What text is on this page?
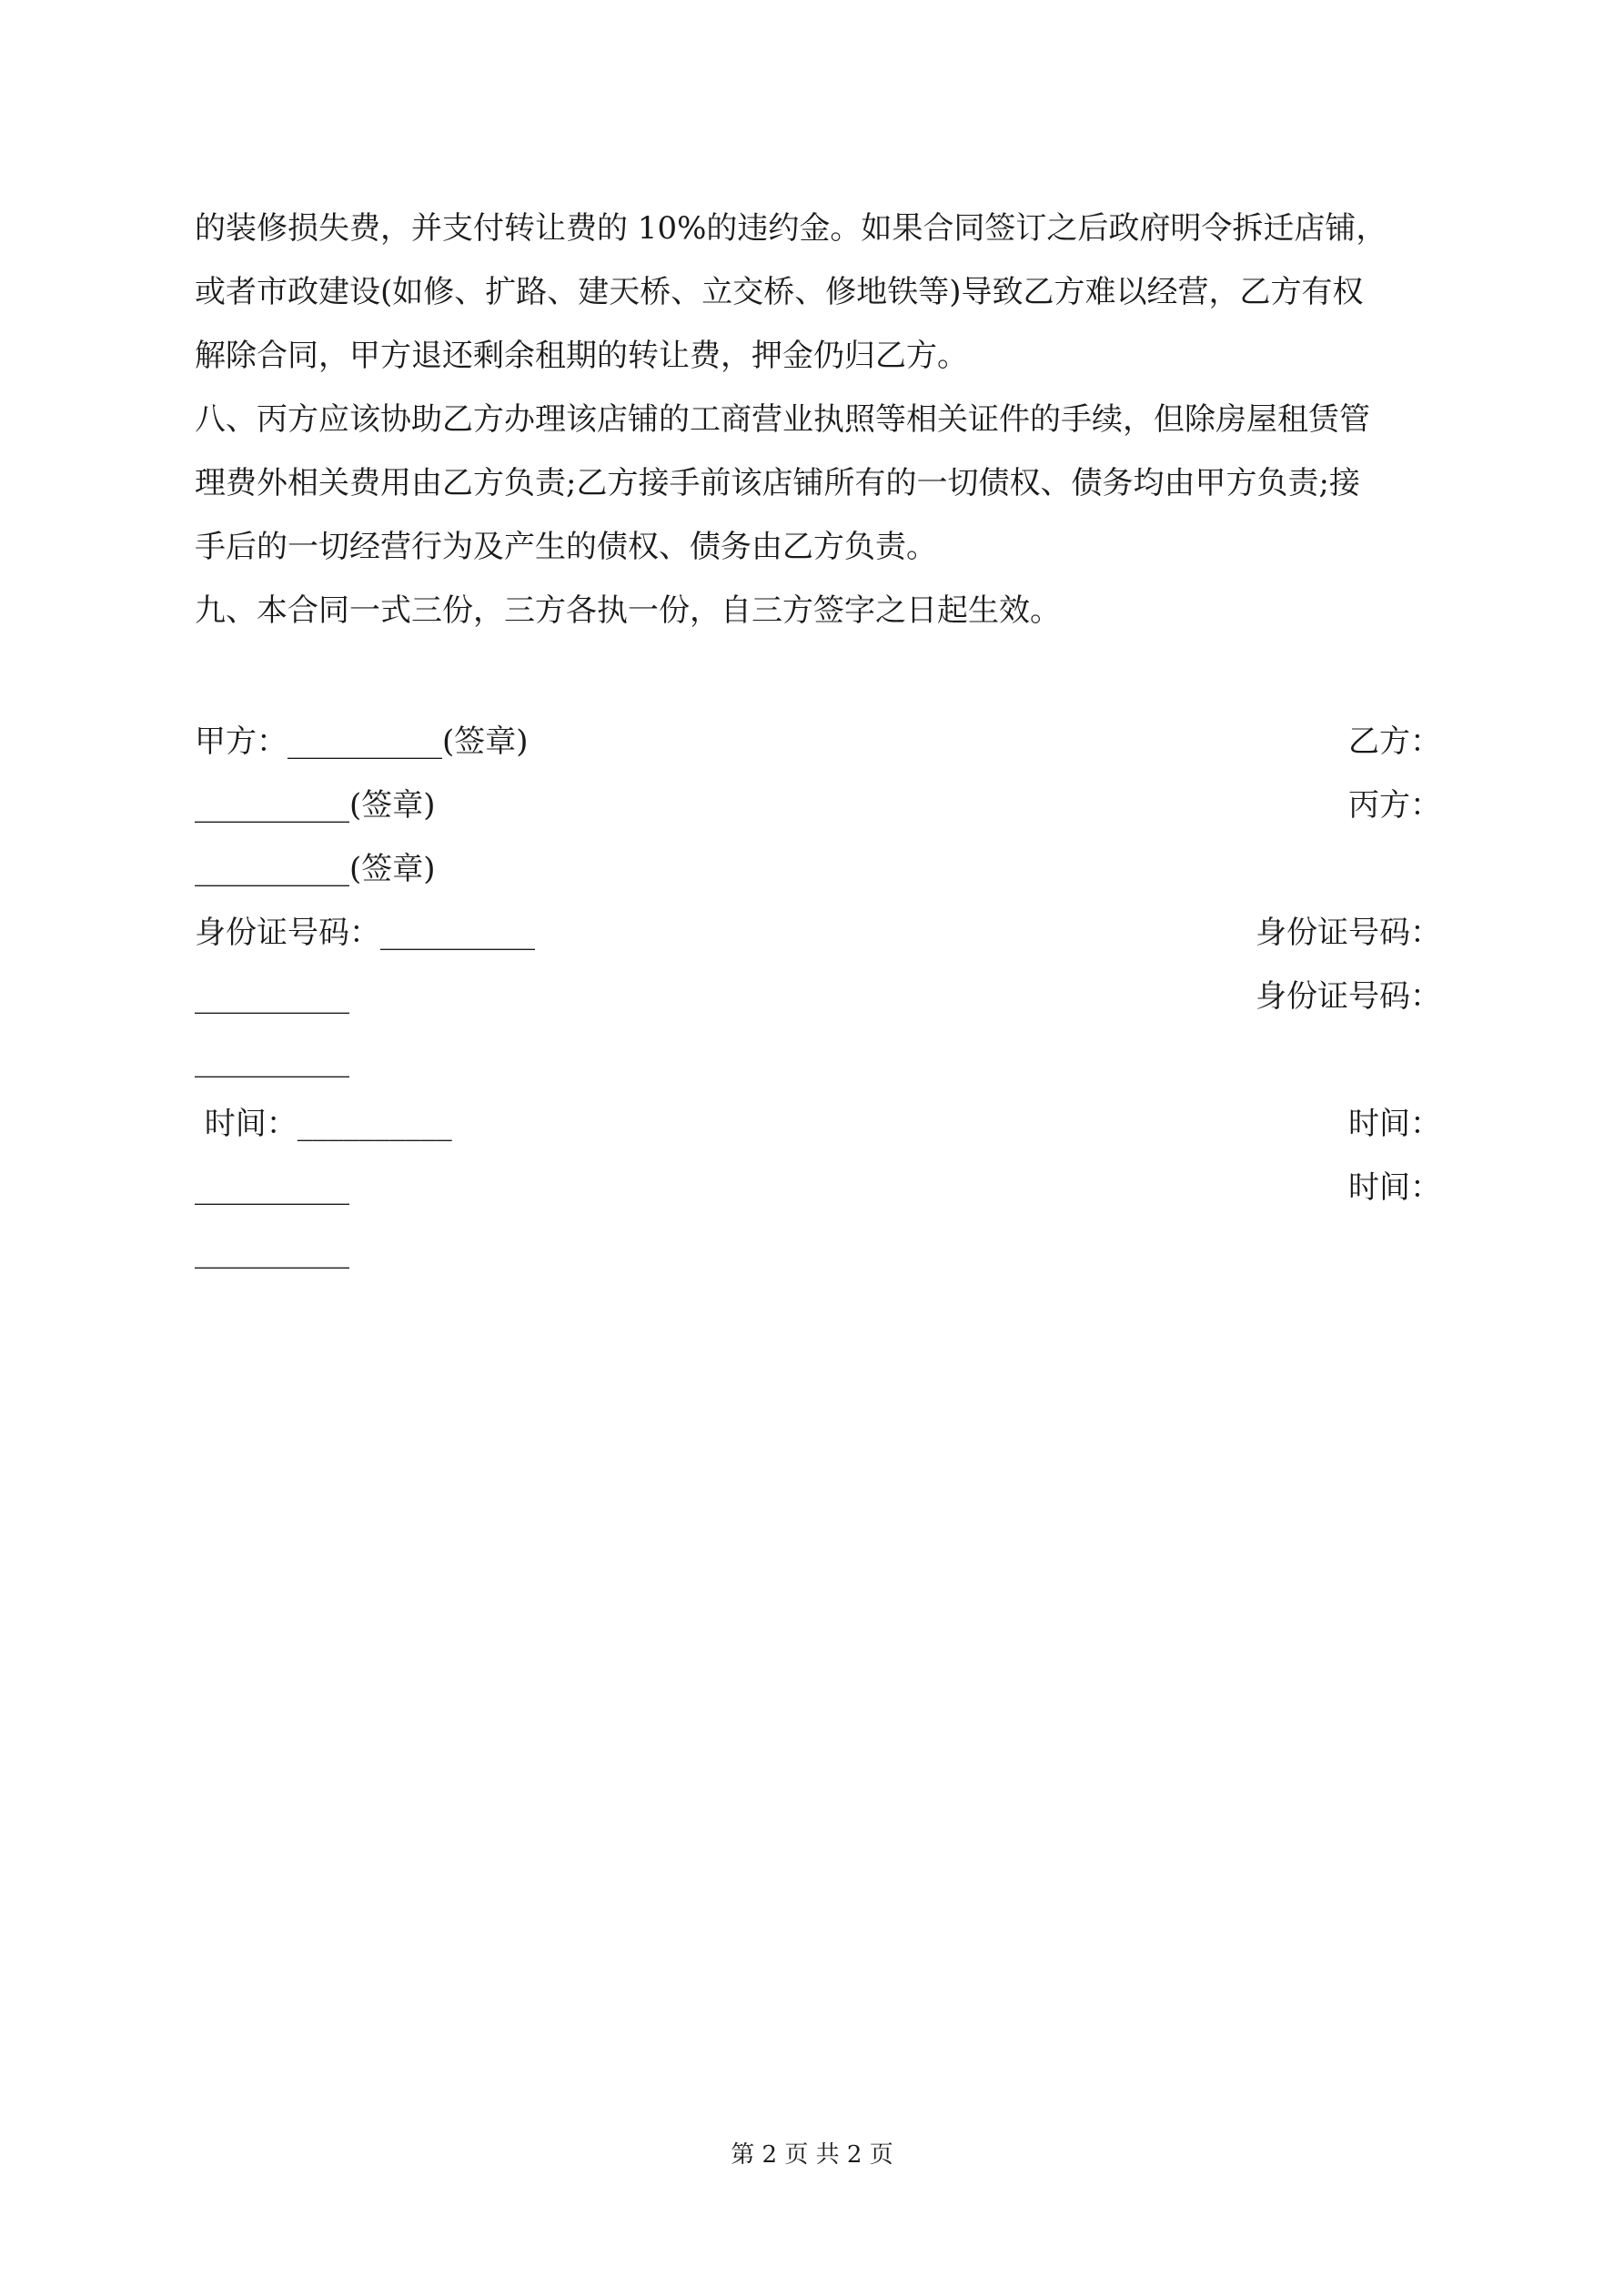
的装修损失费，并支付转让费的 10%的违约金。如果合同签订之后政府明令拆迁店铺，

或者市政建设(如修、扩路、建天桥、立交桥、修地铁等)导致乙方难以经营，乙方有权

解除合同，甲方退还剩余租期的转让费，押金仍归乙方。

八、丙方应该协助乙方办理该店铺的工商营业执照等相关证件的手续，但除房屋租赁管

理费外相关费用由乙方负责;乙方接手前该店铺所有的一切债权、债务均由甲方负责;接

手后的一切经营行为及产生的债权、债务由乙方负责。

九、本合同一式三份，三方各执一份，自三方签字之日起生效。

甲方：__________(签章)	乙方：
__________(签章)	丙方：
__________(签章)
身份证号码：__________	身份证号码：
__________	身份证号码：
__________
时间：__________	时间：
__________	时间：
__________
第 2 页 共 2 页
